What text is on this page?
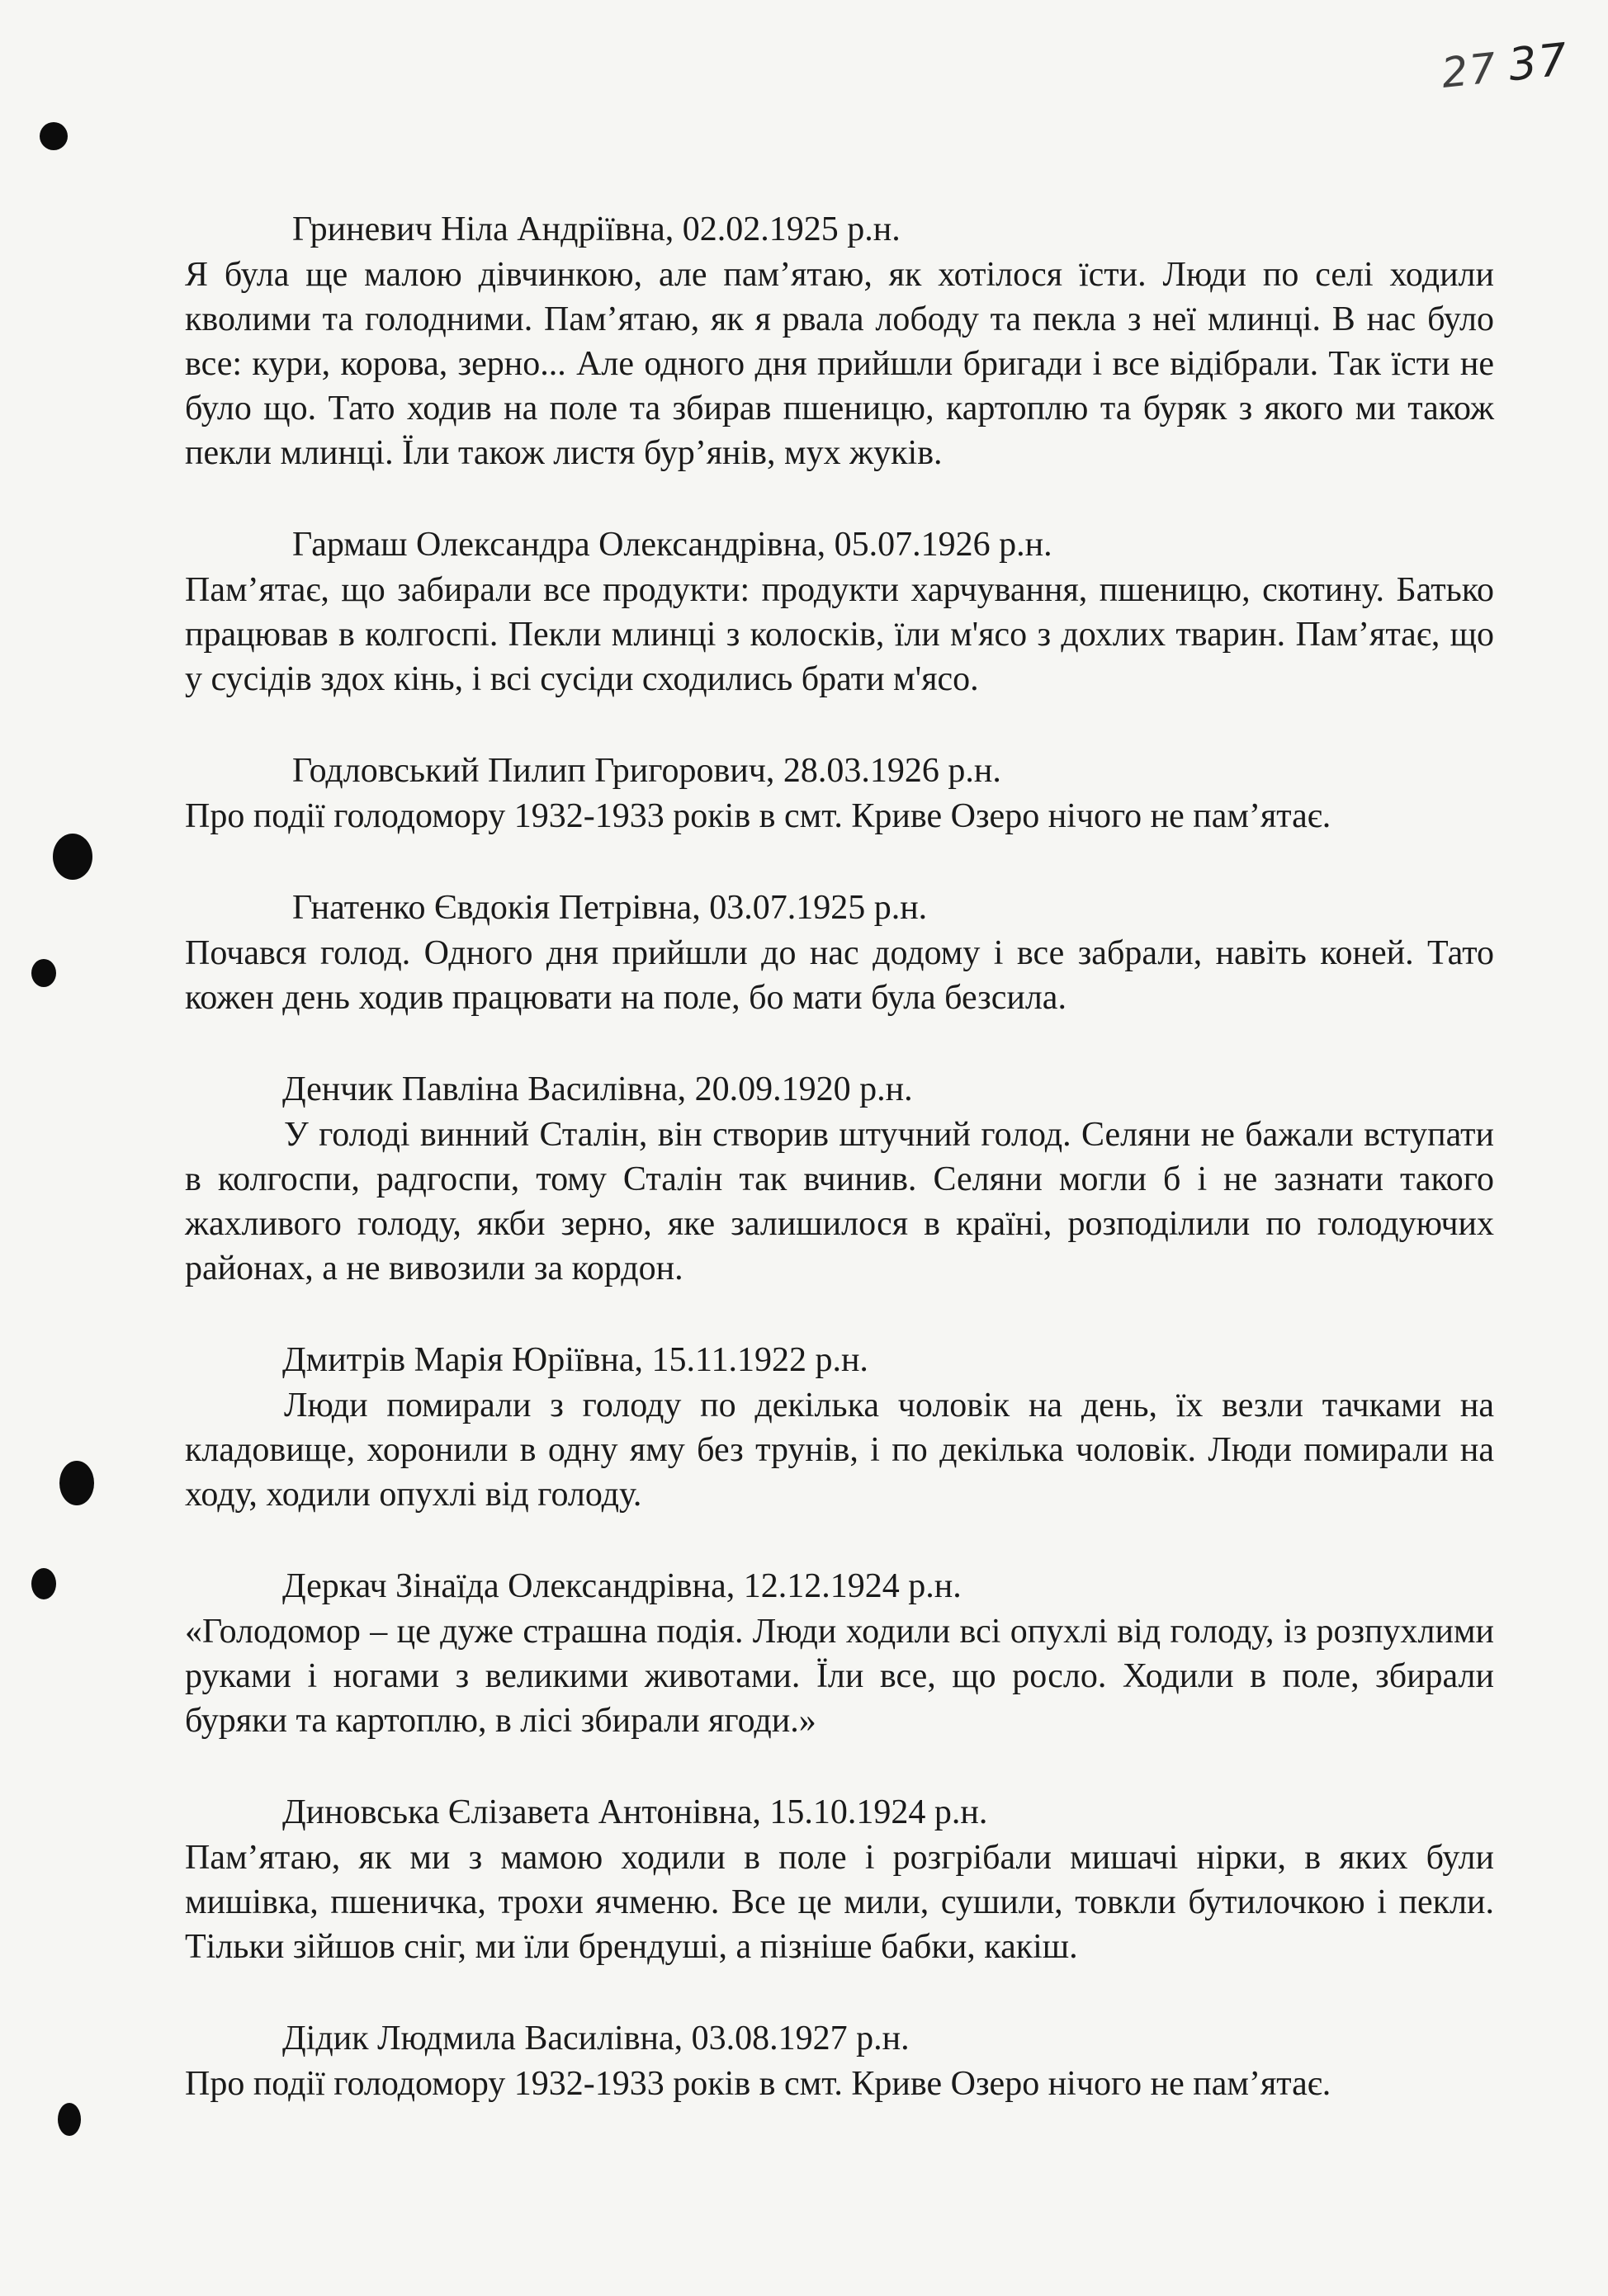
27 37
Гриневич Ніла Андріївна, 02.02.1925 р.н.
Я була ще малою дівчинкою, але пам’ятаю, як хотілося їсти. Люди по селі ходили кволими та голодними. Пам’ятаю, як я рвала лободу та пекла з неї млинці. В нас було все: кури, корова, зерно... Але одного дня прийшли бригади і все відібрали. Так їсти не було що. Тато ходив на поле та збирав пшеницю, картоплю та буряк з якого ми також пекли млинці. Їли також листя бур’янів, мух жуків.
Гармаш Олександра Олександрівна, 05.07.1926 р.н.
Пам’ятає, що забирали все продукти: продукти харчування, пшеницю, скотину. Батько працював в колгоспі. Пекли млинці з колосків, їли м'ясо з дохлих тварин. Пам’ятає, що у сусідів здох кінь, і всі сусіди сходились брати м'ясо.
Годловський Пилип Григорович, 28.03.1926 р.н.
Про події голодомору 1932-1933 років в смт. Криве Озеро нічого не пам’ятає.
Гнатенко Євдокія Петрівна, 03.07.1925 р.н.
Почався голод. Одного дня прийшли до нас додому і все забрали, навіть коней. Тато кожен день ходив працювати на поле, бо мати була безсила.
Денчик Павліна Василівна, 20.09.1920 р.н.
У голоді винний Сталін, він створив штучний голод. Селяни не бажали вступати в колгоспи, радгоспи, тому Сталін так вчинив. Селяни могли б і не зазнати такого жахливого голоду, якби зерно, яке залишилося в країні, розподілили по голодуючих районах, а не вивозили за кордон.
Дмитрів Марія Юріївна, 15.11.1922 р.н.
Люди помирали з голоду по декілька чоловік на день, їх везли тачками на кладовище, хоронили в одну яму без трунів, і по декілька чоловік. Люди помирали на ходу, ходили опухлі від голоду.
Деркач Зінаїда Олександрівна, 12.12.1924 р.н.
«Голодомор – це дуже страшна подія. Люди ходили всі опухлі від голоду, із розпухлими руками і ногами з великими животами. Їли все, що росло. Ходили в поле, збирали буряки та картоплю, в лісі збирали ягоди.»
Диновська Єлізавета Антонівна, 15.10.1924 р.н.
Пам’ятаю, як ми з мамою ходили в поле і розгрібали мишачі нірки, в яких були мишівка, пшеничка, трохи ячменю. Все це мили, сушили, товкли бутилочкою і пекли. Тільки зійшов сніг, ми їли брендуші, а пізніше бабки, какіш.
Дідик Людмила Василівна, 03.08.1927 р.н.
Про події голодомору 1932-1933 років в смт. Криве Озеро нічого не пам’ятає.
